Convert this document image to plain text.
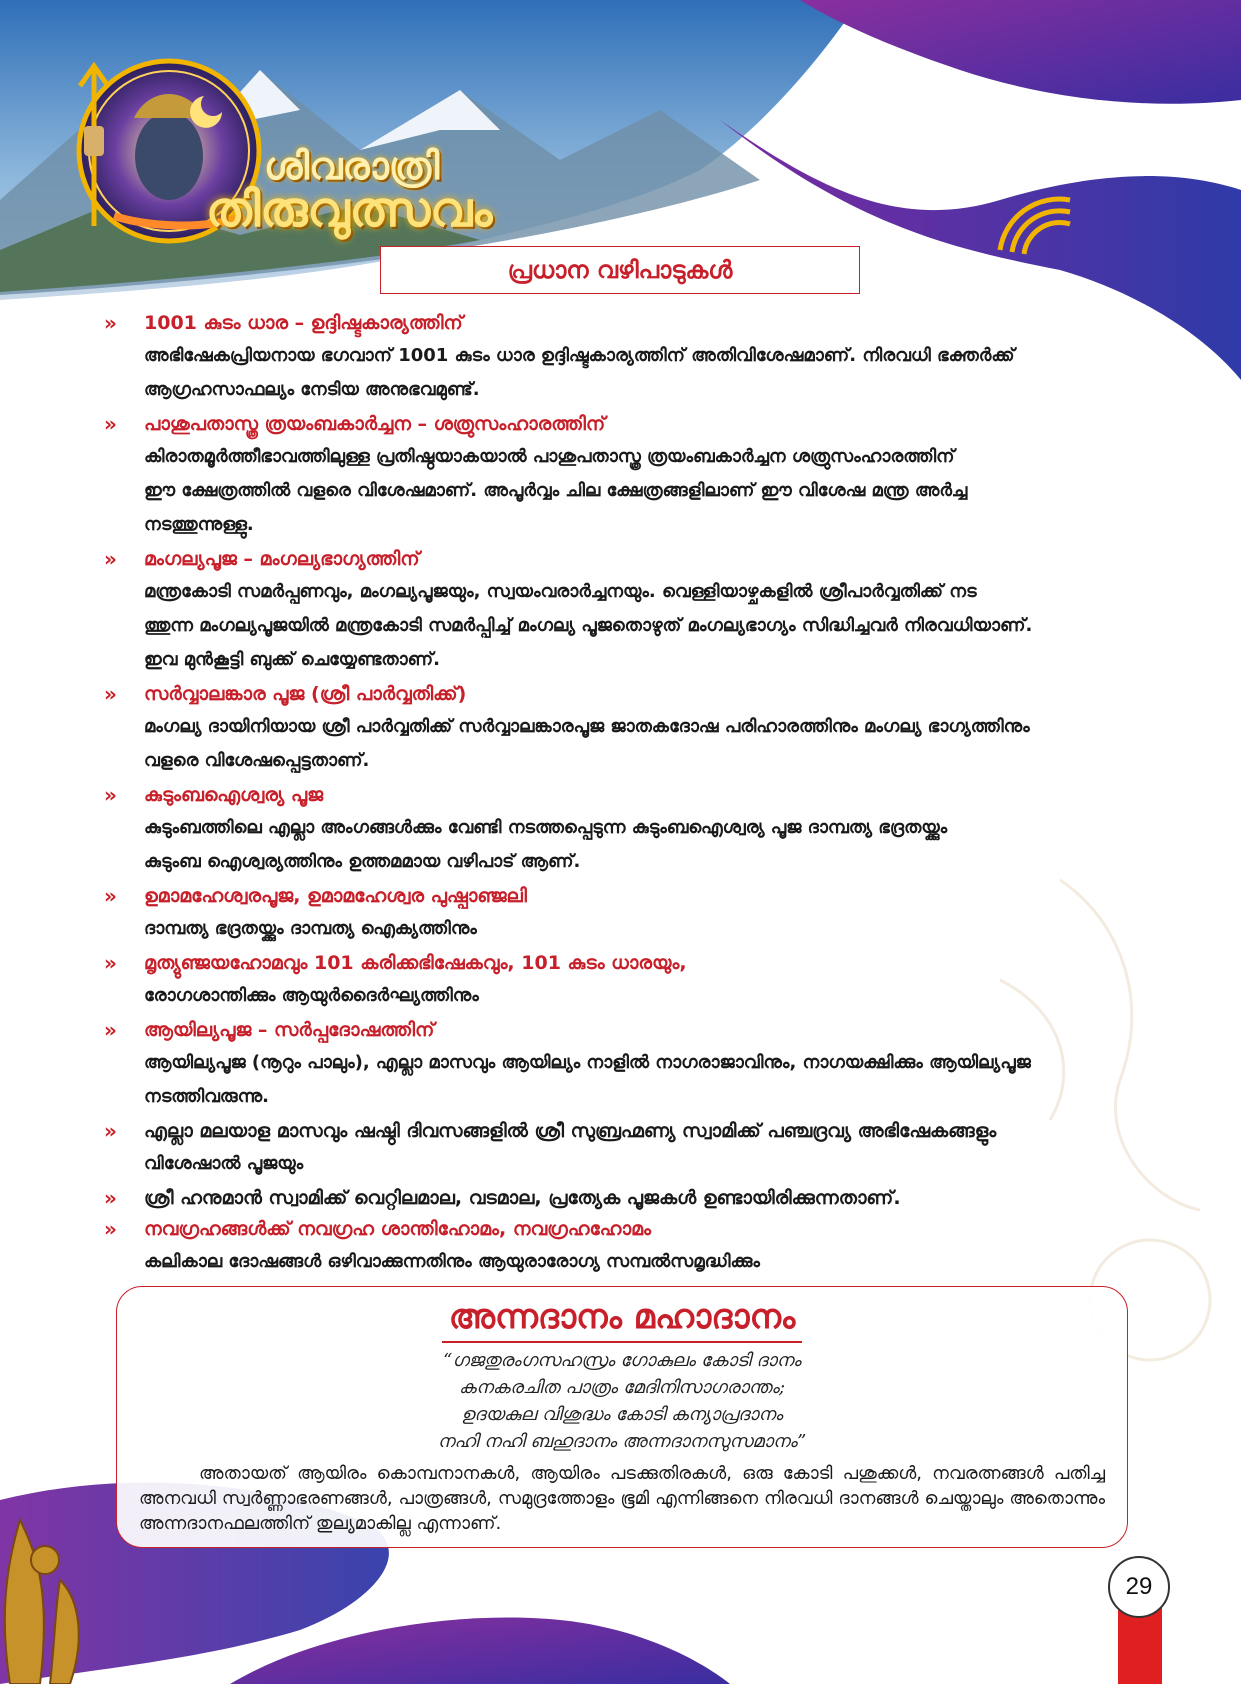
ശിവരാത്രി
തിരുവുത്സവം
പ്രധാന വഴിപാടുകൾ
»	1001 കുടം ധാര – ഉദ്ദിഷ്ടകാര്യത്തിന്
അഭിഷേകപ്രിയനായ ഭഗവാന് 1001 കുടം ധാര ഉദ്ദിഷ്ടകാര്യത്തിന് അതിവിശേഷമാണ്. നിരവധി ഭക്തർക്ക്
ആഗ്രഹസാഫല്യം നേടിയ അനുഭവമുണ്ട്.
»	പാശുപതാസ്ത്ര ത്രയംബകാർച്ചന – ശത്രുസംഹാരത്തിന്
കിരാതമൂർത്തീഭാവത്തിലുള്ള പ്രതിഷ്ഠയാകയാൽ പാശുപതാസ്ത്ര ത്രയംബകാർച്ചന ശത്രുസംഹാരത്തിന്
ഈ ക്ഷേത്രത്തിൽ വളരെ വിശേഷമാണ്. അപൂർവ്വം ചില ക്ഷേത്രങ്ങളിലാണ് ഈ വിശേഷ മന്ത്ര അർച്ച
നടത്തുന്നുള്ളു.
»	മംഗല്യപൂജ – മംഗല്യഭാഗ്യത്തിന്
മന്ത്രകോടി സമർപ്പണവും, മംഗല്യപൂജയും, സ്വയംവരാർച്ചനയും. വെള്ളിയാഴ്ചകളിൽ ശ്രീപാർവ്വതിക്ക് നട
ത്തുന്ന മംഗല്യപൂജയിൽ മന്ത്രകോടി സമർപ്പിച്ച് മംഗല്യ പൂജതൊഴുത് മംഗല്യഭാഗ്യം സിദ്ധിച്ചവർ നിരവധിയാണ്.
ഇവ മുൻകൂട്ടി ബുക്ക് ചെയ്യേണ്ടതാണ്.
»	സർവ്വാലങ്കാര പൂജ (ശ്രീ പാർവ്വതിക്ക്)
മംഗല്യ ദായിനിയായ ശ്രീ പാർവ്വതിക്ക് സർവ്വാലങ്കാരപൂജ ജാതകദോഷ പരിഹാരത്തിനും മംഗല്യ ഭാഗ്യത്തിനും
വളരെ വിശേഷപ്പെട്ടതാണ്.
»	കുടുംബഐശ്വര്യ പൂജ
കുടുംബത്തിലെ എല്ലാ അംഗങ്ങൾക്കും വേണ്ടി നടത്തപ്പെടുന്ന കുടുംബഐശ്വര്യ പൂജ ദാമ്പത്യ ഭദ്രതയ്ക്കും
കുടുംബ ഐശ്വര്യത്തിനും ഉത്തമമായ വഴിപാട് ആണ്.
»	ഉമാമഹേശ്വരപൂജ, ഉമാമഹേശ്വര പുഷ്പാഞ്ജലി
ദാമ്പത്യ ഭദ്രതയ്ക്കും ദാമ്പത്യ ഐക്യത്തിനും
»	മൃത്യുഞ്ജയഹോമവും 101 കരിക്കഭിഷേകവും, 101 കുടം ധാരയും,
രോഗശാന്തിക്കും ആയുർദൈർഘ്യത്തിനും
»	ആയില്യപൂജ – സർപ്പദോഷത്തിന്
ആയില്യപൂജ (നൂറും പാലും), എല്ലാ മാസവും ആയില്യം നാളിൽ നാഗരാജാവിനും, നാഗയക്ഷിക്കും ആയില്യപൂജ
നടത്തിവരുന്നു.
»	എല്ലാ മലയാള മാസവും ഷഷ്ഠി ദിവസങ്ങളിൽ ശ്രീ സുബ്രഹ്മണ്യ സ്വാമിക്ക് പഞ്ചദ്രവ്യ അഭിഷേകങ്ങളും
വിശേഷാൽ പൂജയും
»	ശ്രീ ഹനുമാൻ സ്വാമിക്ക് വെറ്റിലമാല, വടമാല, പ്രത്യേക പൂജകൾ ഉണ്ടായിരിക്കുന്നതാണ്.
»	നവഗ്രഹങ്ങൾക്ക് നവഗ്രഹ ശാന്തിഹോമം, നവഗ്രഹഹോമം
കലികാല ദോഷങ്ങൾ ഒഴിവാക്കുന്നതിനും ആയുരാരോഗ്യ സമ്പൽസമൃദ്ധിക്കും
അന്നദാനം മഹാദാനം
“ഗജതുരംഗസഹസ്രം ഗോകുലം കോടി ദാനം
കനകരചിത പാത്രം മേദിനിസാഗരാന്തം;
ഉദയകുല വിശുദ്ധം കോടി കന്യാപ്രദാനം
നഹി നഹി ബഹുദാനം അന്നദാനസുസമാനം”
അതായത് ആയിരം കൊമ്പനാനകൾ, ആയിരം പടക്കുതിരകൾ, ഒരു കോടി പശുക്കൾ, നവരത്നങ്ങൾ പതിച്ച അനവധി സ്വർണ്ണാഭരണങ്ങൾ, പാത്രങ്ങൾ, സമുദ്രത്തോളം ഭൂമി എന്നിങ്ങനെ നിരവധി ദാനങ്ങൾ ചെയ്താലും അതൊന്നും അന്നദാനഫലത്തിന് തുല്യമാകില്ല എന്നാണ്.
29
